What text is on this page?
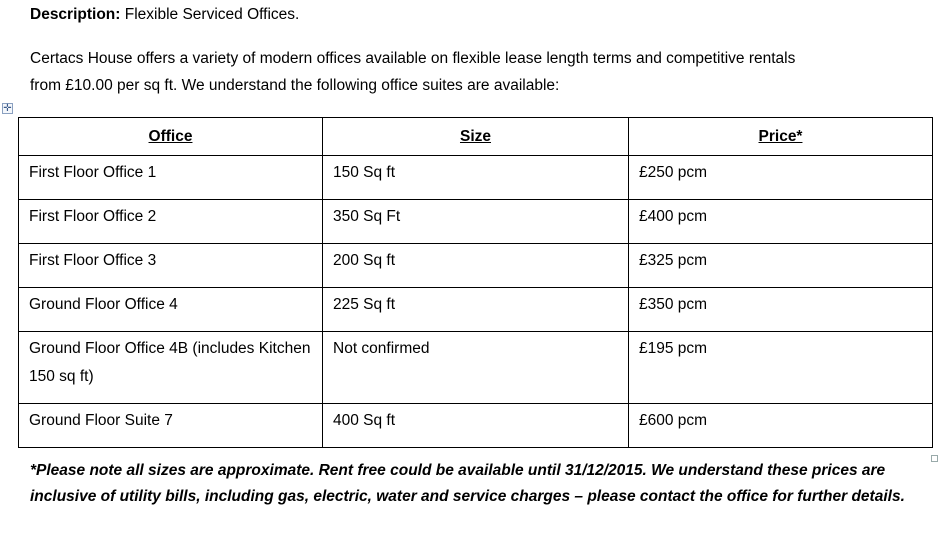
Description: Flexible Serviced Offices.
Certacs House offers a variety of modern offices available on flexible lease length terms and competitive rentals
from £10.00 per sq ft. We understand the following office suites are available:
✛
Office	Size	Price*
First Floor Office 1	150 Sq ft	£250 pcm
First Floor Office 2	350 Sq Ft	£400 pcm
First Floor Office 3	200 Sq ft	£325 pcm
Ground Floor Office 4	225 Sq ft	£350 pcm
Ground Floor Office 4B (includes Kitchen 150 sq ft)	Not confirmed	£195 pcm
Ground Floor Suite 7	400 Sq ft	£600 pcm
*Please note all sizes are approximate. Rent free could be available until 31/12/2015. We understand these prices are inclusive of utility bills, including gas, electric, water and service charges – please contact the office for further details.
